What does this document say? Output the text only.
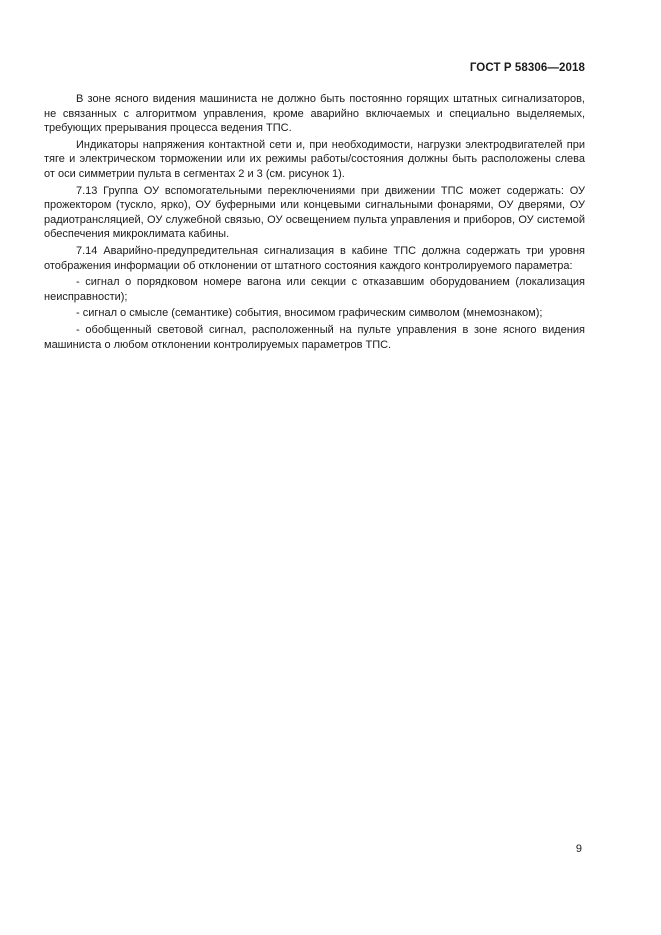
ГОСТ Р 58306—2018

В зоне ясного видения машиниста не должно быть постоянно горящих штатных сигнализаторов, не связанных с алгоритмом управления, кроме аварийно включаемых и специально выделяемых, требующих прерывания процесса ведения ТПС.

Индикаторы напряжения контактной сети и, при необходимости, нагрузки электродвигателей при тяге и электрическом торможении или их режимы работы/состояния должны быть расположены слева от оси симметрии пульта в сегментах 2 и 3 (см. рисунок 1).

7.13 Группа ОУ вспомогательными переключениями при движении ТПС может содержать: ОУ прожектором (тускло, ярко), ОУ буферными или концевыми сигнальными фонарями, ОУ дверями, ОУ радиотрансляцией, ОУ служебной связью, ОУ освещением пульта управления и приборов, ОУ системой обеспечения микроклимата кабины.

7.14 Аварийно-предупредительная сигнализация в кабине ТПС должна содержать три уровня отображения информации об отклонении от штатного состояния каждого контролируемого параметра:

- сигнал о порядковом номере вагона или секции с отказавшим оборудованием (локализация неисправности);

- сигнал о смысле (семантике) события, вносимом графическим символом (мнемознаком);

- обобщенный световой сигнал, расположенный на пульте управления в зоне ясного видения машиниста о любом отклонении контролируемых параметров ТПС.

9
